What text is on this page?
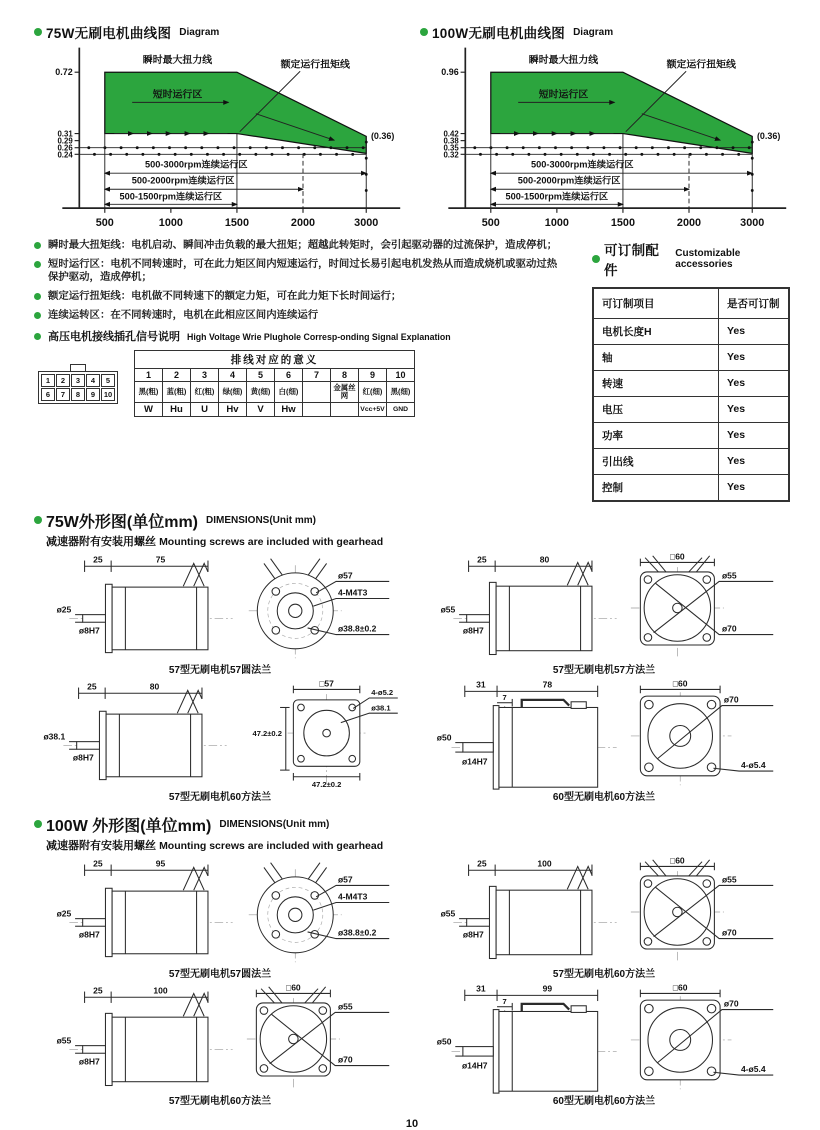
75W无刷电机曲线图 Diagram
0.72
0.31
0.29
0.26
0.24
瞬时最大扭力线	额定运行扭矩线
短时运行区
(0.36)
500-3000rpm连续运行区
500-2000rpm连续运行区
500-1500rpm连续运行区
500	1000	1500	2000	3000
100W无刷电机曲线图 Diagram
0.96
0.42
0.38
0.35
0.32
瞬时最大扭力线	额定运行扭矩线
短时运行区
(0.36)
500-3000rpm连续运行区
500-2000rpm连续运行区
500-1500rpm连续运行区
500	1000	1500	2000	3000
瞬时最大扭矩线：电机启动、瞬间冲击负载的最大扭矩；超越此转矩时，会引起驱动器的过流保护，造成停机；
短时运行区：电机不同转速时，可在此力矩区间内短速运行，时间过长易引起电机发热从而造成烧机或驱动过热保护驱动，造成停机；
额定运行扭矩线：电机做不同转速下的额定力矩，可在此力矩下长时间运行；
连续运转区：在不同转速时，电机在此相应区间内连续运行
高压电机接线插孔信号说明 High Voltage Wrie Plughole Corresp-onding Signal Explanation
1	2	3	4	5
6	7	8	9	10
排线对应的意义									
1	2	3	4	5	6	7	8	9	10
黑(粗)	蓝(粗)	红(粗)	绿(细)	黄(细)	白(细)		金属丝网	红(细)	黑(细)
W	Hu	U	Hv	V	Hw			Vcc+5V	GND
可订制配件
Customizable accessories
可订制项目	是否可订制
电机长度H	Yes
轴	Yes
转速	Yes
电压	Yes
功率	Yes
引出线	Yes
控制	Yes
75W外形图(单位mm) DIMENSIONS(Unit mm)
减速器附有安装用螺丝 Mounting screws are included with gearhead
25	75
ø25
ø8H7
ø57
4-M4T3
ø38.8±0.2
57型无刷电机57圆法兰
25	80
ø55
ø8H7
□60
ø55
ø70
57型无刷电机57方法兰
25	80
ø38.1
ø8H7
□57
4-ø5.2
ø38.1
47.2±0.2
47.2±0.2
57型无刷电机60方法兰
31	78
7
ø50
ø14H7
□60
ø70
4-ø5.4
60型无刷电机60方法兰
100W 外形图(单位mm) DIMENSIONS(Unit mm)
减速器附有安装用螺丝 Mounting screws are included with gearhead
25	95
ø25
ø8H7
ø57
4-M4T3
ø38.8±0.2
57型无刷电机57圆法兰
25	100
ø55
ø8H7
□60
ø55
ø70
57型无刷电机60方法兰
25	100
ø55
ø8H7
□60
ø55
ø70
57型无刷电机60方法兰
31	99
7
ø50
ø14H7
□60
ø70
4-ø5.4
60型无刷电机60方法兰
10
